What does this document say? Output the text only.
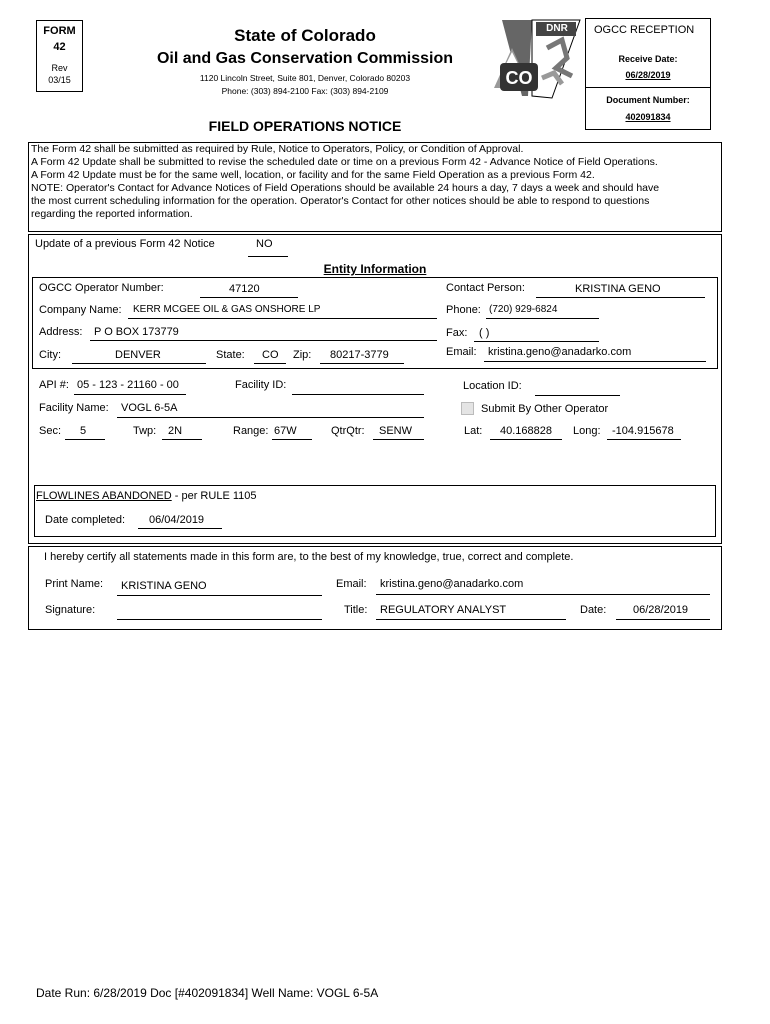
FORM
42
Rev
03/15
State of Colorado
Oil and Gas Conservation Commission
1120 Lincoln Street, Suite 801, Denver, Colorado 80203
Phone: (303) 894-2100 Fax: (303) 894-2109
FIELD OPERATIONS NOTICE
DNR
CO
OGCC RECEPTION
Receive Date:
06/28/2019
Document Number:
402091834
The Form 42 shall be submitted as required by Rule, Notice to Operators, Policy, or Condition of Approval.
A Form 42 Update shall be submitted to revise the scheduled date or time on a previous Form 42 - Advance Notice of Field Operations.
A Form 42 Update must be for the same well, location, or facility and for the same Field Operation as a previous Form 42.
NOTE: Operator's Contact for Advance Notices of Field Operations should be available 24 hours a day, 7 days a week and should have
the most current scheduling information for the operation. Operator's Contact for other notices should be able to respond to questions
regarding the reported information.
Update of a previous Form 42 Notice	NO
Entity Information
OGCC Operator Number:	47120	Contact Person:	KRISTINA GENO
Company Name: KERR MCGEE OIL & GAS ONSHORE LP	Phone: (720) 929-6824
Address: P O BOX 173779	Fax: ( )
City:	DENVER	State: CO Zip: 80217-3779	Email: kristina.geno@anadarko.com
API #: 05 - 123 - 21160 - 00	Facility ID:	Location ID:
Facility Name: VOGL 6-5A	Submit By Other Operator
Sec: 5	Twp: 2N	Range: 67W	QtrQtr: SENW	Lat: 40.168828 Long: -104.915678
FLOWLINES ABANDONED - per RULE 1105
Date completed: 06/04/2019
I hereby certify all statements made in this form are, to the best of my knowledge, true, correct and complete.
Print Name: KRISTINA GENO	Email: kristina.geno@anadarko.com
Signature:	Title: REGULATORY ANALYST	Date: 06/28/2019
Date Run: 6/28/2019 Doc [#402091834] Well Name: VOGL 6-5A
